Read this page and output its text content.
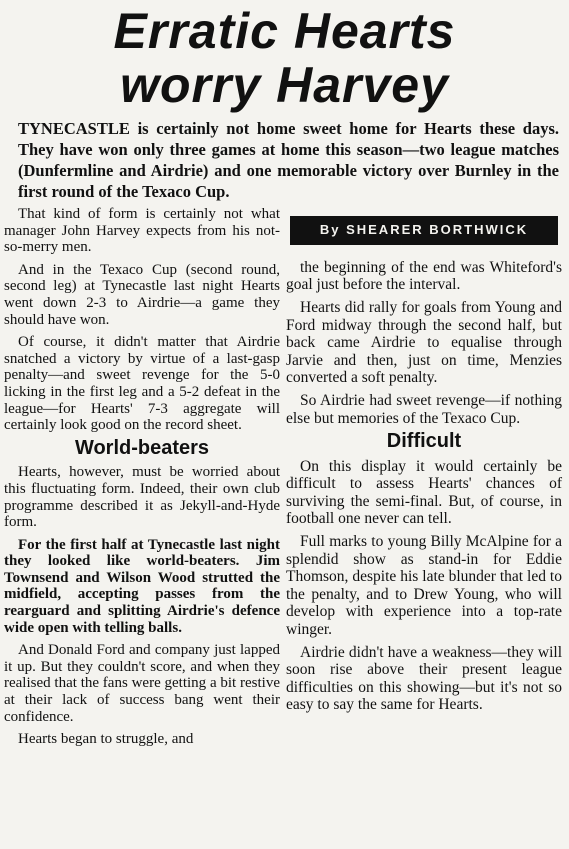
Erratic Hearts
worry Harvey

TYNECASTLE is certainly not home sweet home for Hearts these days. They have won only three games at home this season—two league matches (Dunfermline and Airdrie) and one memorable victory over Burnley in the first round of the Texaco Cup.

That kind of form is certainly not what manager John Harvey expects from his not-so-merry men.

And in the Texaco Cup (second round, second leg) at Tynecastle last night Hearts went down 2-3 to Airdrie—a game they should have won.

Of course, it didn't matter that Airdrie snatched a victory by virtue of a last-gasp penalty—and sweet revenge for the 5-0 licking in the first leg and a 5-2 defeat in the league—for Hearts' 7-3 aggregate will certainly look good on the record sheet.

World-beaters

Hearts, however, must be worried about this fluctuating form. Indeed, their own club programme described it as Jekyll-and-Hyde form.

For the first half at Tynecastle last night they looked like world-beaters. Jim Townsend and Wilson Wood strutted the midfield, accepting passes from the rearguard and splitting Airdrie's defence wide open with telling balls.

And Donald Ford and company just lapped it up. But they couldn't score, and when they realised that the fans were getting a bit restive at their lack of success bang went their confidence.

Hearts began to struggle, and

By SHEARER BORTHWICK

the beginning of the end was Whiteford's goal just before the interval.

Hearts did rally for goals from Young and Ford midway through the second half, but back came Airdrie to equalise through Jarvie and then, just on time, Menzies converted a soft penalty.

So Airdrie had sweet revenge—if nothing else but memories of the Texaco Cup.

Difficult

On this display it would certainly be difficult to assess Hearts' chances of surviving the semi-final. But, of course, in football one never can tell.

Full marks to young Billy McAlpine for a splendid show as stand-in for Eddie Thomson, despite his late blunder that led to the penalty, and to Drew Young, who will develop with experience into a top-rate winger.

Airdrie didn't have a weakness—they will soon rise above their present league difficulties on this showing—but it's not so easy to say the same for Hearts.
